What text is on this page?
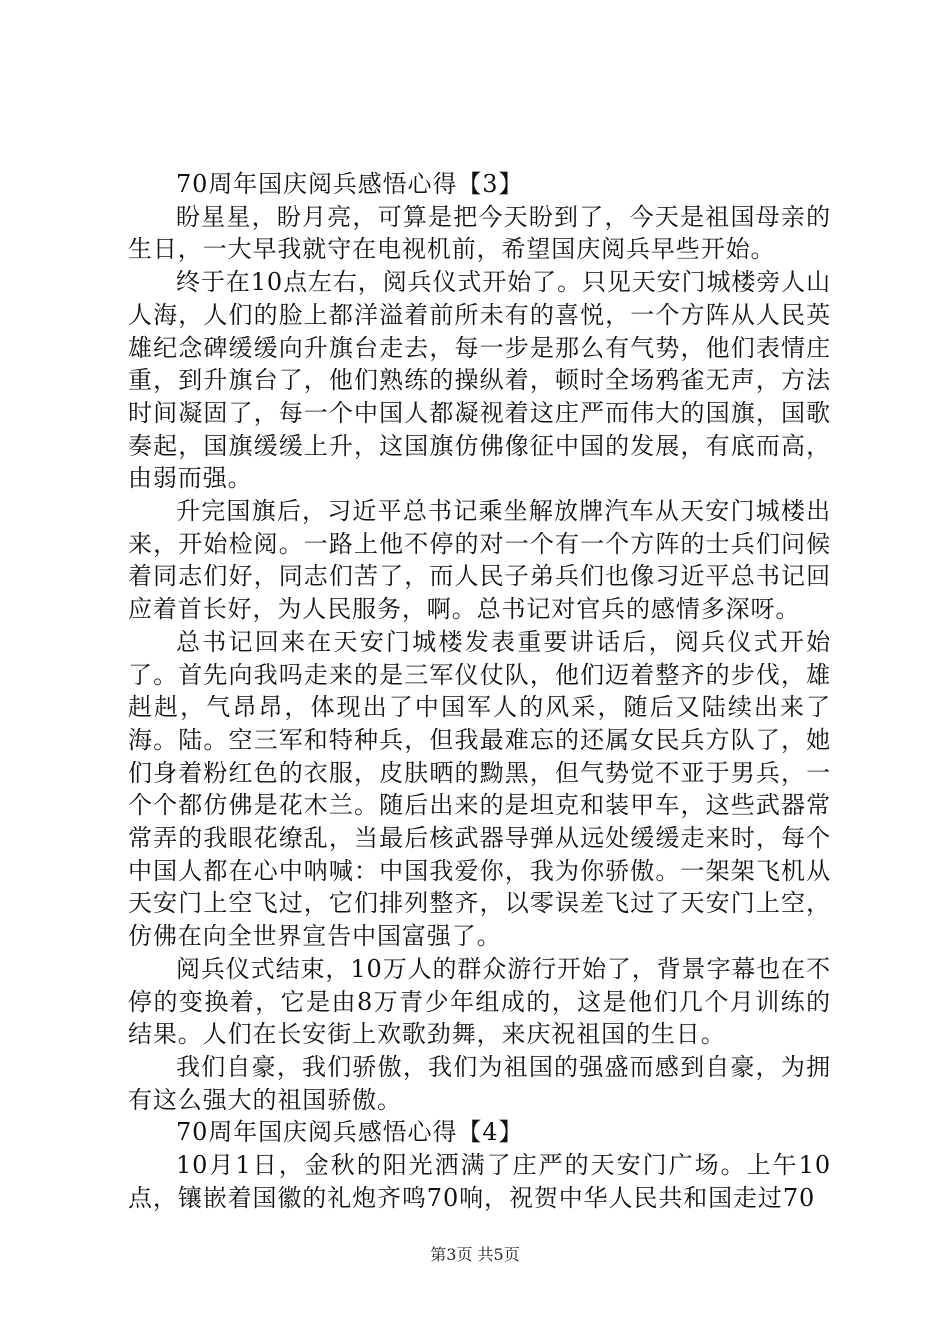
70周年国庆阅兵感悟心得【3】

盼星星，盼月亮，可算是把今天盼到了，今天是祖国母亲的生日，一大早我就守在电视机前，希望国庆阅兵早些开始。

终于在10点左右，阅兵仪式开始了。只见天安门城楼旁人山人海，人们的脸上都洋溢着前所未有的喜悦，一个方阵从人民英雄纪念碑缓缓向升旗台走去，每一步是那么有气势，他们表情庄重，到升旗台了，他们熟练的操纵着，顿时全场鸦雀无声，方法时间凝固了，每一个中国人都凝视着这庄严而伟大的国旗，国歌奏起，国旗缓缓上升，这国旗仿佛像征中国的发展，有底而高，由弱而强。

升完国旗后，习近平总书记乘坐解放牌汽车从天安门城楼出来，开始检阅。一路上他不停的对一个有一个方阵的士兵们问候着同志们好，同志们苦了，而人民子弟兵们也像习近平总书记回应着首长好，为人民服务，啊。总书记对官兵的感情多深呀。

总书记回来在天安门城楼发表重要讲话后，阅兵仪式开始了。首先向我吗走来的是三军仪仗队，他们迈着整齐的步伐，雄赳赳，气昂昂，体现出了中国军人的风采，随后又陆续出来了海。陆。空三军和特种兵，但我最难忘的还属女民兵方队了，她们身着粉红色的衣服，皮肤晒的黝黑，但气势觉不亚于男兵，一个个都仿佛是花木兰。随后出来的是坦克和装甲车，这些武器常常弄的我眼花缭乱，当最后核武器导弹从远处缓缓走来时，每个中国人都在心中呐喊：中国我爱你，我为你骄傲。一架架飞机从天安门上空飞过，它们排列整齐，以零误差飞过了天安门上空，仿佛在向全世界宣告中国富强了。

阅兵仪式结束，10万人的群众游行开始了，背景字幕也在不停的变换着，它是由8万青少年组成的，这是他们几个月训练的结果。人们在长安街上欢歌劲舞，来庆祝祖国的生日。

我们自豪，我们骄傲，我们为祖国的强盛而感到自豪，为拥有这么强大的祖国骄傲。

70周年国庆阅兵感悟心得【4】

10月1日，金秋的阳光洒满了庄严的天安门广场。上午10点，镶嵌着国徽的礼炮齐鸣70响，祝贺中华人民共和国走过70

第3页 共5页
